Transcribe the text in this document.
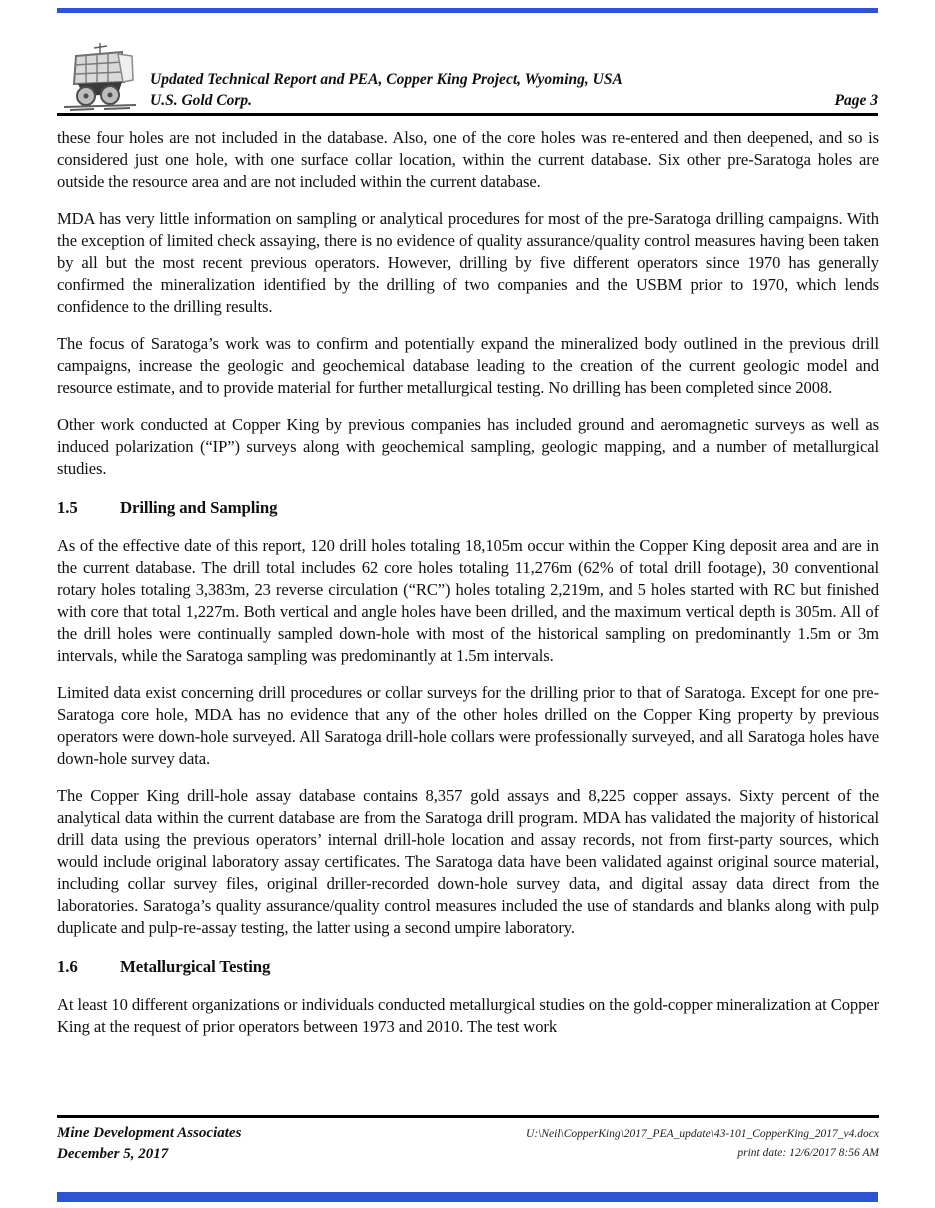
Updated Technical Report and PEA, Copper King Project, Wyoming, USA
U.S. Gold Corp.	Page 3

these four holes are not included in the database. Also, one of the core holes was re-entered and then deepened, and so is considered just one hole, with one surface collar location, within the current database. Six other pre-Saratoga holes are outside the resource area and are not included within the current database.

MDA has very little information on sampling or analytical procedures for most of the pre-Saratoga drilling campaigns. With the exception of limited check assaying, there is no evidence of quality assurance/quality control measures having been taken by all but the most recent previous operators. However, drilling by five different operators since 1970 has generally confirmed the mineralization identified by the drilling of two companies and the USBM prior to 1970, which lends confidence to the drilling results.

The focus of Saratoga’s work was to confirm and potentially expand the mineralized body outlined in the previous drill campaigns, increase the geologic and geochemical database leading to the creation of the current geologic model and resource estimate, and to provide material for further metallurgical testing. No drilling has been completed since 2008.

Other work conducted at Copper King by previous companies has included ground and aeromagnetic surveys as well as induced polarization (“IP”) surveys along with geochemical sampling, geologic mapping, and a number of metallurgical studies.

1.5	Drilling and Sampling

As of the effective date of this report, 120 drill holes totaling 18,105m occur within the Copper King deposit area and are in the current database. The drill total includes 62 core holes totaling 11,276m (62% of total drill footage), 30 conventional rotary holes totaling 3,383m, 23 reverse circulation (“RC”) holes totaling 2,219m, and 5 holes started with RC but finished with core that total 1,227m. Both vertical and angle holes have been drilled, and the maximum vertical depth is 305m. All of the drill holes were continually sampled down-hole with most of the historical sampling on predominantly 1.5m or 3m intervals, while the Saratoga sampling was predominantly at 1.5m intervals.

Limited data exist concerning drill procedures or collar surveys for the drilling prior to that of Saratoga. Except for one pre-Saratoga core hole, MDA has no evidence that any of the other holes drilled on the Copper King property by previous operators were down-hole surveyed. All Saratoga drill-hole collars were professionally surveyed, and all Saratoga holes have down-hole survey data.

The Copper King drill-hole assay database contains 8,357 gold assays and 8,225 copper assays. Sixty percent of the analytical data within the current database are from the Saratoga drill program. MDA has validated the majority of historical drill data using the previous operators’ internal drill-hole location and assay records, not from first-party sources, which would include original laboratory assay certificates. The Saratoga data have been validated against original source material, including collar survey files, original driller-recorded down-hole survey data, and digital assay data direct from the laboratories. Saratoga’s quality assurance/quality control measures included the use of standards and blanks along with pulp duplicate and pulp-re-assay testing, the latter using a second umpire laboratory.

1.6	Metallurgical Testing

At least 10 different organizations or individuals conducted metallurgical studies on the gold-copper mineralization at Copper King at the request of prior operators between 1973 and 2010. The test work

Mine Development Associates
December 5, 2017
U:\Neil\CopperKing\2017_PEA_update\43-101_CopperKing_2017_v4.docx
print date: 12/6/2017 8:56 AM
